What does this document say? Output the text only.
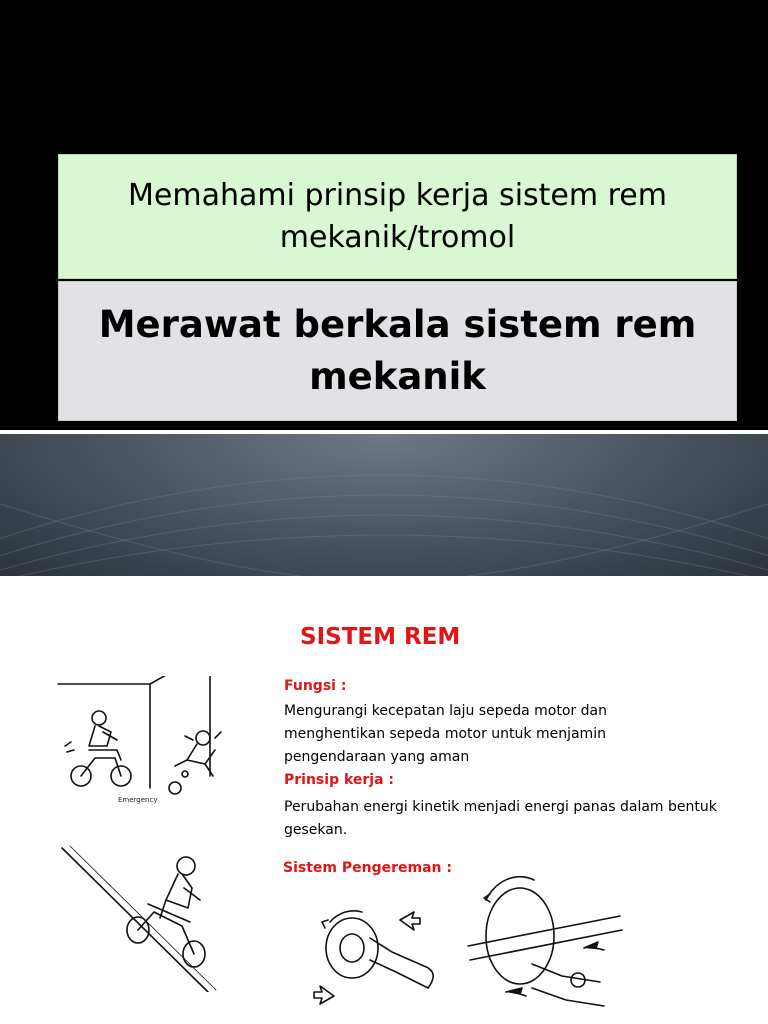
Memahami prinsip kerja sistem rem
mekanik/tromol
Merawat berkala sistem rem
mekanik
SISTEM REM
Emergency
Fungsi :
Mengurangi kecepatan laju sepeda motor dan menghentikan sepeda motor untuk menjamin pengendaraan yang aman
Prinsip kerja :
Perubahan energi kinetik menjadi energi panas dalam bentuk gesekan.
Sistem Pengereman :
